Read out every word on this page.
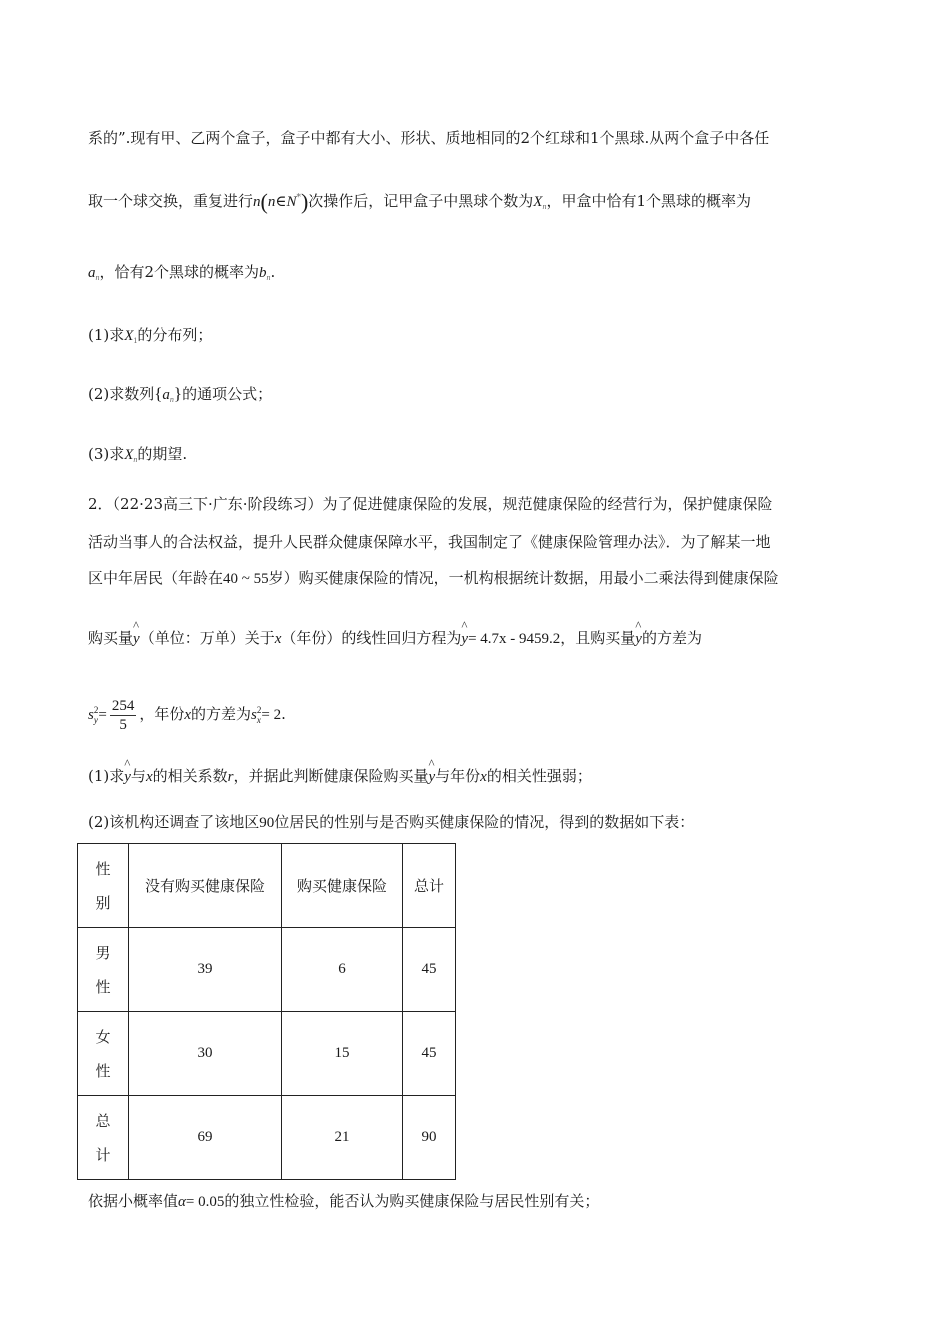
系的”.现有甲、乙两个盒子，盒子中都有大小、形状、质地相同的2个红球和1个黑球.从两个盒子中各任
取一个球交换，重复进行n(n∈N*)次操作后，记甲盒子中黑球个数为$X_n$，甲盒中恰有1个黑球的概率为
$a_n$，恰有2个黑球的概率为$b_n$.
(1)求$X_1$的分布列；
(2)求数列$\{a_n\}$的通项公式；
(3)求$X_n$的期望.
2．（22·23高三下·广东·阶段练习）为了促进健康保险的发展，规范健康保险的经营行为，保护健康保险
活动当事人的合法权益，提升人民群众健康保障水平，我国制定了《健康保险管理办法》．为了解某一地
区中年居民（年龄在40 ~ 55岁）购买健康保险的情况，一机构根据统计数据，用最小二乘法得到健康保险
购买量^ y（单位：万单）关于x（年份）的线性回归方程为^ y= 4.7x - 9459.2，且购买量^ y的方差为
s 2
$y = \frac{254}{5}$ ，年份x的方差为s 2
x = 2.
(1)求^ y与x的相关系数r，并据此判断健康保险购买量^ y与年份x的相关性强弱；
(2)该机构还调查了该地区90位居民的性别与是否购买健康保险的情况，得到的数据如下表：
性
别	没有购买健康保险	购买健康保险	总计
男
性	39	6	45
女
性	30	15	45
总
计	69	21	90
依据小概率值α= 0.05的独立性检验，能否认为购买健康保险与居民性别有关；
